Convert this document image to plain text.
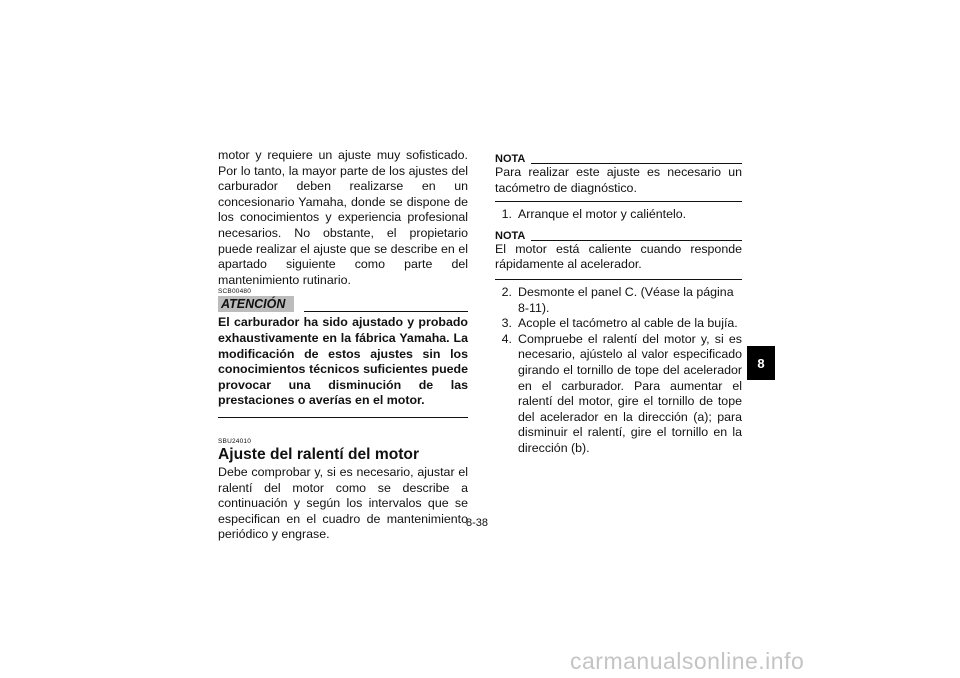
motor y requiere un ajuste muy sofisticado. Por lo tanto, la mayor parte de los ajustes del carburador deben realizarse en un concesionario Yamaha, donde se dispone de los conocimientos y experiencia profesional necesarios. No obstante, el propietario puede realizar el ajuste que se describe en el apartado siguiente como parte del mantenimiento rutinario.

SCB00480

ATENCIÓN

El carburador ha sido ajustado y probado exhaustivamente en la fábrica Yamaha. La modificación de estos ajustes sin los conocimientos técnicos suficientes puede provocar una disminución de las prestaciones o averías en el motor.

SBU24010

Ajuste del ralentí del motor

Debe comprobar y, si es necesario, ajustar el ralentí del motor como se describe a continuación y según los intervalos que se especifican en el cuadro de mantenimiento periódico y engrase.

NOTA

Para realizar este ajuste es necesario un tacómetro de diagnóstico.

1. Arranque el motor y caliéntelo.

NOTA

El motor está caliente cuando responde rápidamente al acelerador.

2. Desmonte el panel C. (Véase la página 8-11).

3. Acople el tacómetro al cable de la bujía.

4. Compruebe el ralentí del motor y, si es necesario, ajústelo al valor especificado girando el tornillo de tope del acelerador en el carburador. Para aumentar el ralentí del motor, gire el tornillo de tope del acelerador en la dirección (a); para disminuir el ralentí, gire el tornillo en la dirección (b).

8-38
8
carmanualsonline.info
